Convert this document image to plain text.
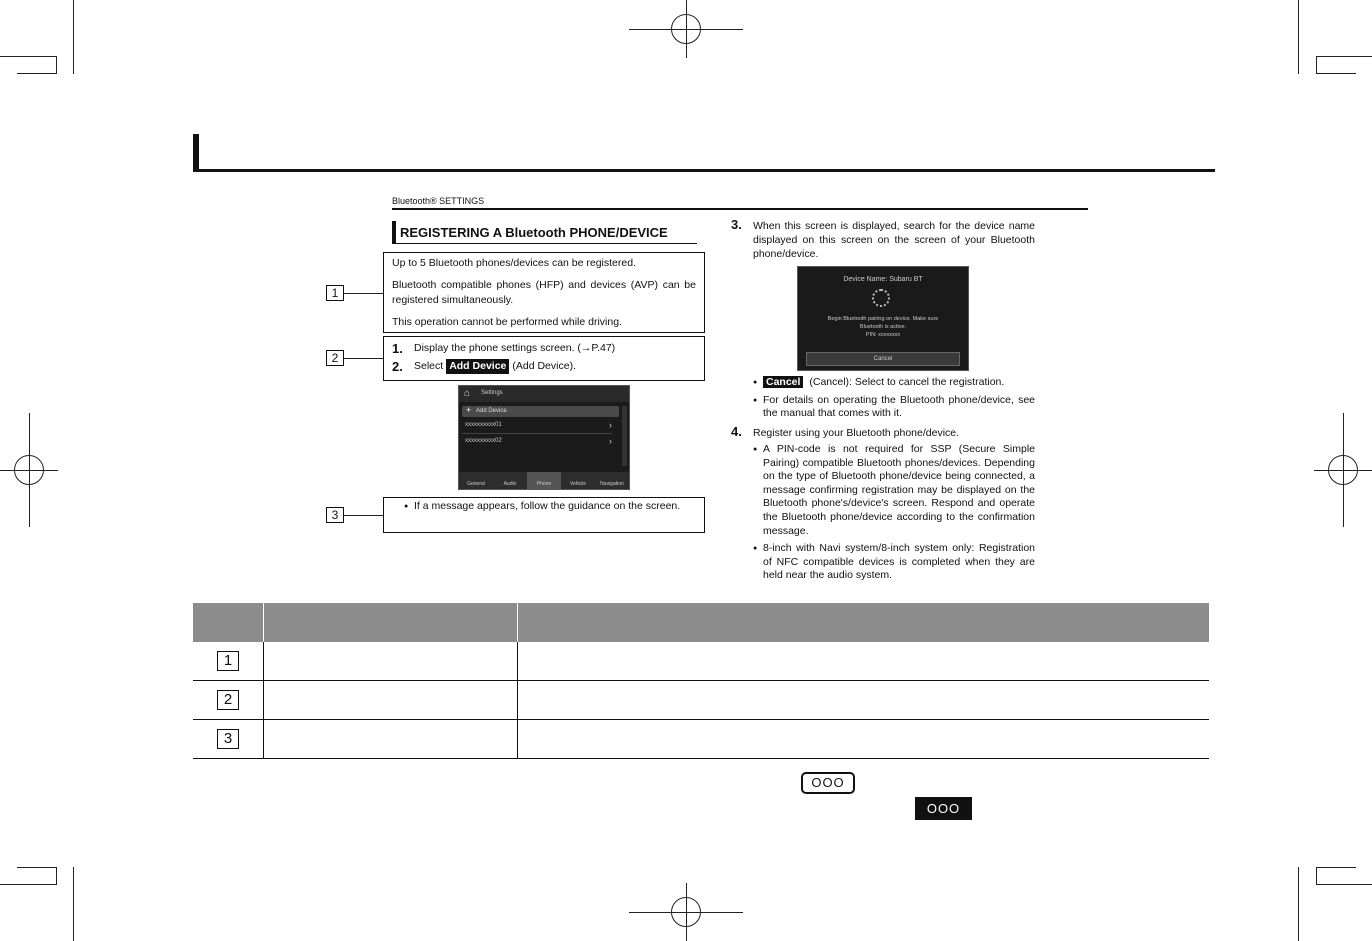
Bluetooth® SETTINGS
REGISTERING A Bluetooth PHONE/DEVICE
1

Up to 5 Bluetooth phones/devices can be registered.

Bluetooth compatible phones (HFP) and devices (AVP) can be registered simultaneously.

This operation cannot be performed while driving.

2
1.	Display the phone settings screen. (→P.47)
2.	Select Add Device (Add Device).
⌂ Settings
+ Add Device
xxxxxxxxxx01	›
xxxxxxxxxx02	›
General	Audio	Phone	Vehicle	Navigation
3
● If a message appears, follow the guidance on the screen.
3. When this screen is displayed, search for the device name displayed on this screen on the screen of your Bluetooth phone/device.
Device Name: Subaru BT
Begin Bluetooth pairing on device. Make sure
Bluetooth is active.
PIN: xxxxxxxx
Cancel
● Cancel (Cancel): Select to cancel the registration.
● For details on operating the Bluetooth phone/device, see the manual that comes with it.
4. Register using your Bluetooth phone/device.
● A PIN-code is not required for SSP (Secure Simple Pairing) compatible Bluetooth phones/devices. Depending on the type of Bluetooth phone/device being connected, a message confirming registration may be displayed on the Bluetooth phone's/device's screen. Respond and operate the Bluetooth phone/device according to the confirmation message.
● 8-inch with Navi system/8-inch system only: Registration of NFC compatible devices is completed when they are held near the audio system.

1		
2		
3		
OOO
OOO
